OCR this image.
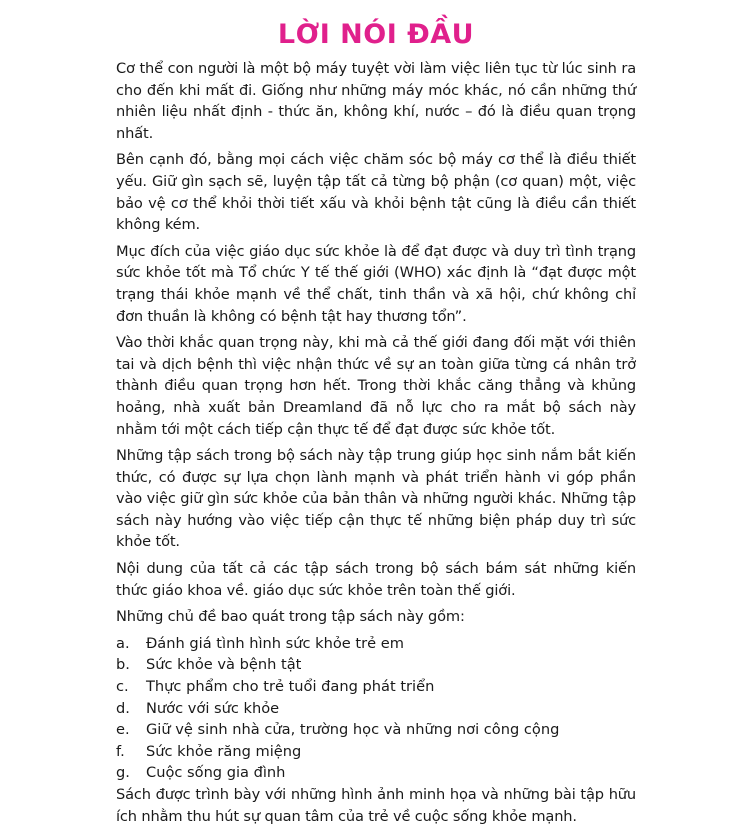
LỜI NÓI ĐẦU

Cơ thể con người là một bộ máy tuyệt vời làm việc liên tục từ lúc sinh ra cho đến khi mất đi. Giống như những máy móc khác, nó cần những thứ nhiên liệu nhất định - thức ăn, không khí, nước – đó là điều quan trọng nhất.

Bên cạnh đó, bằng mọi cách việc chăm sóc bộ máy cơ thể là điều thiết yếu. Giữ gìn sạch sẽ, luyện tập tất cả từng bộ phận (cơ quan) một, việc bảo vệ cơ thể khỏi thời tiết xấu và khỏi bệnh tật cũng là điều cần thiết không kém.

Mục đích của việc giáo dục sức khỏe là để đạt được và duy trì tình trạng sức khỏe tốt mà Tổ chức Y tế thế giới (WHO) xác định là “đạt được một trạng thái khỏe mạnh về thể chất, tinh thần và xã hội, chứ không chỉ đơn thuần là không có bệnh tật hay thương tổn”.

Vào thời khắc quan trọng này, khi mà cả thế giới đang đối mặt với thiên tai và dịch bệnh thì việc nhận thức về sự an toàn giữa từng cá nhân trở thành điều quan trọng hơn hết. Trong thời khắc căng thẳng và khủng hoảng, nhà xuất bản Dreamland đã nỗ lực cho ra mắt bộ sách này nhằm tới một cách tiếp cận thực tế để đạt được sức khỏe tốt.

Những tập sách trong bộ sách này tập trung giúp học sinh nắm bắt kiến thức, có được sự lựa chọn lành mạnh và phát triển hành vi góp phần vào việc giữ gìn sức khỏe của bản thân và những người khác. Những tập sách này hướng vào việc tiếp cận thực tế những biện pháp duy trì sức khỏe tốt.

Nội dung của tất cả các tập sách trong bộ sách bám sát những kiến thức giáo khoa về. giáo dục sức khỏe trên toàn thế giới.

Những chủ đề bao quát trong tập sách này gồm:

a.	Đánh giá tình hình sức khỏe trẻ em
b.	Sức khỏe và bệnh tật
c.	Thực phẩm cho trẻ tuổi đang phát triển
d.	Nước với sức khỏe
e.	Giữ vệ sinh nhà cửa, trường học và những nơi công cộng
f.	Sức khỏe răng miệng
g.	Cuộc sống gia đình

Sách được trình bày với những hình ảnh minh họa và những bài tập hữu ích nhằm thu hút sự quan tâm của trẻ về cuộc sống khỏe mạnh.
